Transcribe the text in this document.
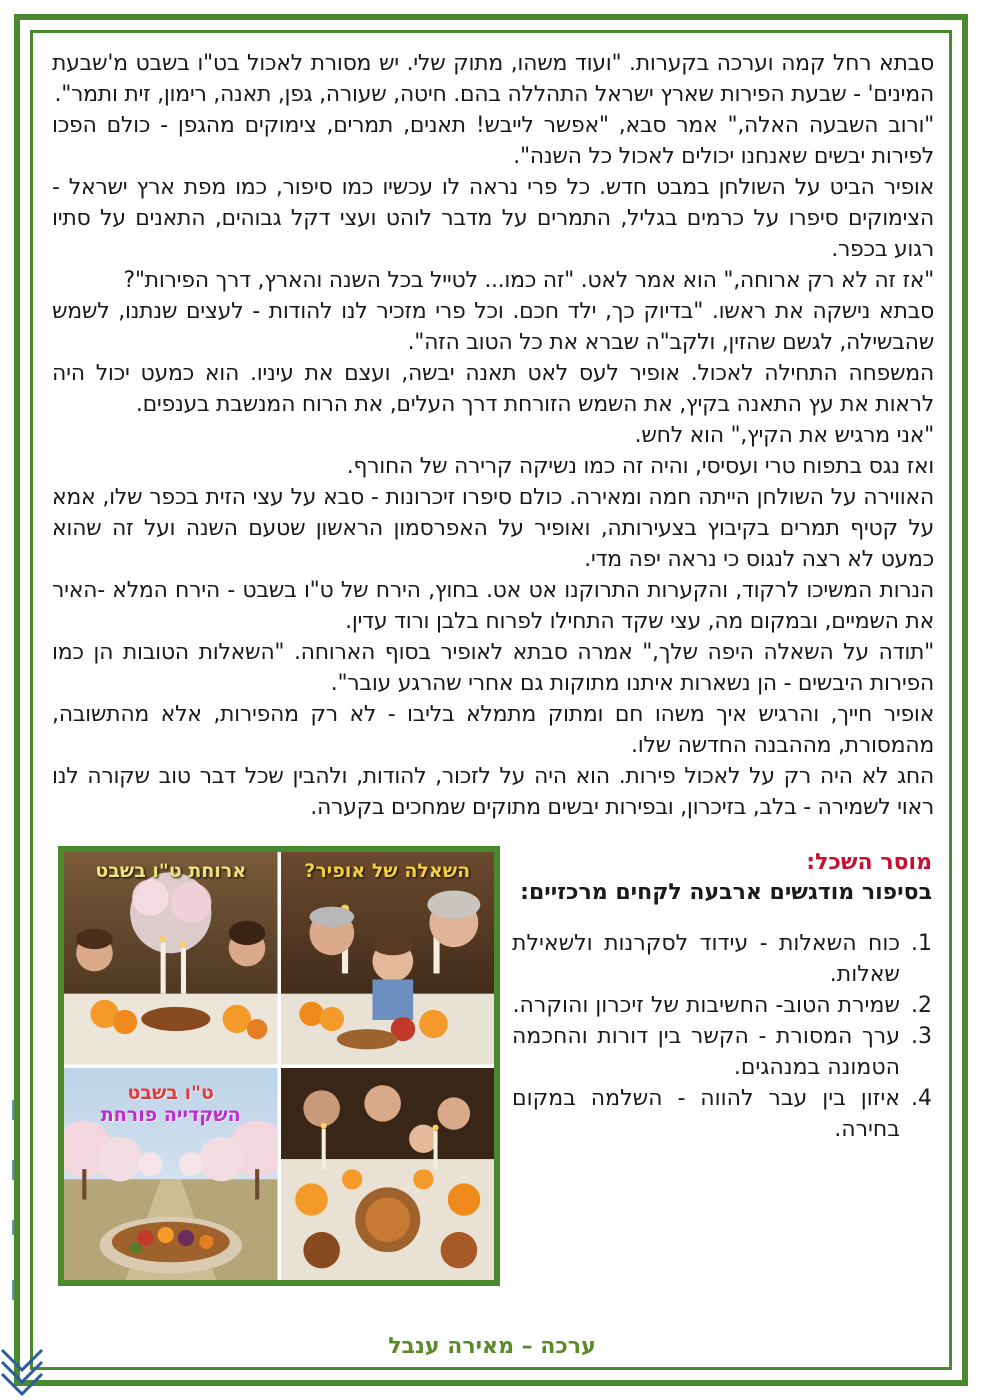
סבתא רחל קמה וערכה בקערות. "ועוד משהו, מתוק שלי. יש מסורת לאכול בט"ו בשבט מ'שבעת המינים' - שבעת הפירות שארץ ישראל התהללה בהם. חיטה, שעורה, גפן, תאנה, רימון, זית ותמר".

"ורוב השבעה האלה," אמר סבא, "אפשר לייבש! תאנים, תמרים, צימוקים מהגפן - כולם הפכו לפירות יבשים שאנחנו יכולים לאכול כל השנה".

אופיר הביט על השולחן במבט חדש. כל פרי נראה לו עכשיו כמו סיפור, כמו מפת ארץ ישראל - הצימוקים סיפרו על כרמים בגליל, התמרים על מדבר לוהט ועצי דקל גבוהים, התאנים על סתיו רגוע בכפר.

"אז זה לא רק ארוחה," הוא אמר לאט. "זה כמו... לטייל בכל השנה והארץ, דרך הפירות"?

סבתא נישקה את ראשו. "בדיוק כך, ילד חכם. וכל פרי מזכיר לנו להודות - לעצים שנתנו, לשמש שהבשילה, לגשם שהזין, ולקב"ה שברא את כל הטוב הזה".

המשפחה התחילה לאכול. אופיר לעס לאט תאנה יבשה, ועצם את עיניו. הוא כמעט יכול היה לראות את עץ התאנה בקיץ, את השמש הזורחת דרך העלים, את הרוח המנשבת בענפים.

"אני מרגיש את הקיץ," הוא לחש.

ואז נגס בתפוח טרי ועסיסי, והיה זה כמו נשיקה קרירה של החורף.

האווירה על השולחן הייתה חמה ומאירה. כולם סיפרו זיכרונות - סבא על עצי הזית בכפר שלו, אמא על קטיף תמרים בקיבוץ בצעירותה, ואופיר על האפרסמון הראשון שטעם השנה ועל זה שהוא כמעט לא רצה לנגוס כי נראה יפה מדי.

הנרות המשיכו לרקוד, והקערות התרוקנו אט אט. בחוץ, הירח של ט"ו בשבט - הירח המלא -האיר את השמיים, ובמקום מה, עצי שקד התחילו לפרוח בלבן ורוד עדין.

"תודה על השאלה היפה שלך," אמרה סבתא לאופיר בסוף הארוחה. "השאלות הטובות הן כמו הפירות היבשים - הן נשארות איתנו מתוקות גם אחרי שהרגע עובר".

אופיר חייך, והרגיש איך משהו חם ומתוק מתמלא בליבו - לא רק מהפירות, אלא מהתשובה, מהמסורת, מההבנה החדשה שלו.

החג לא היה רק על לאכול פירות. הוא היה על לזכור, להודות, ולהבין שכל דבר טוב שקורה לנו ראוי לשמירה - בלב, בזיכרון, ובפירות יבשים מתוקים שמחכים בקערה.

מוסר השכל:
בסיפור מודגשים ארבעה לקחים מרכזיים:
1.
כוח השאלות - עידוד לסקרנות ולשאילת שאלות.
2.
שמירת הטוב- החשיבות של זיכרון והוקרה.
3.
ערך המסורת - הקשר בין דורות והחכמה הטמונה במנהגים.
4.
איזון בין עבר להווה - השלמה במקום בחירה.
השאלה של אופיר?
ארוחת ט"ו בשבט
ט"ו בשבט
השקדייה פורחת
ערכה – מאירה ענבל
